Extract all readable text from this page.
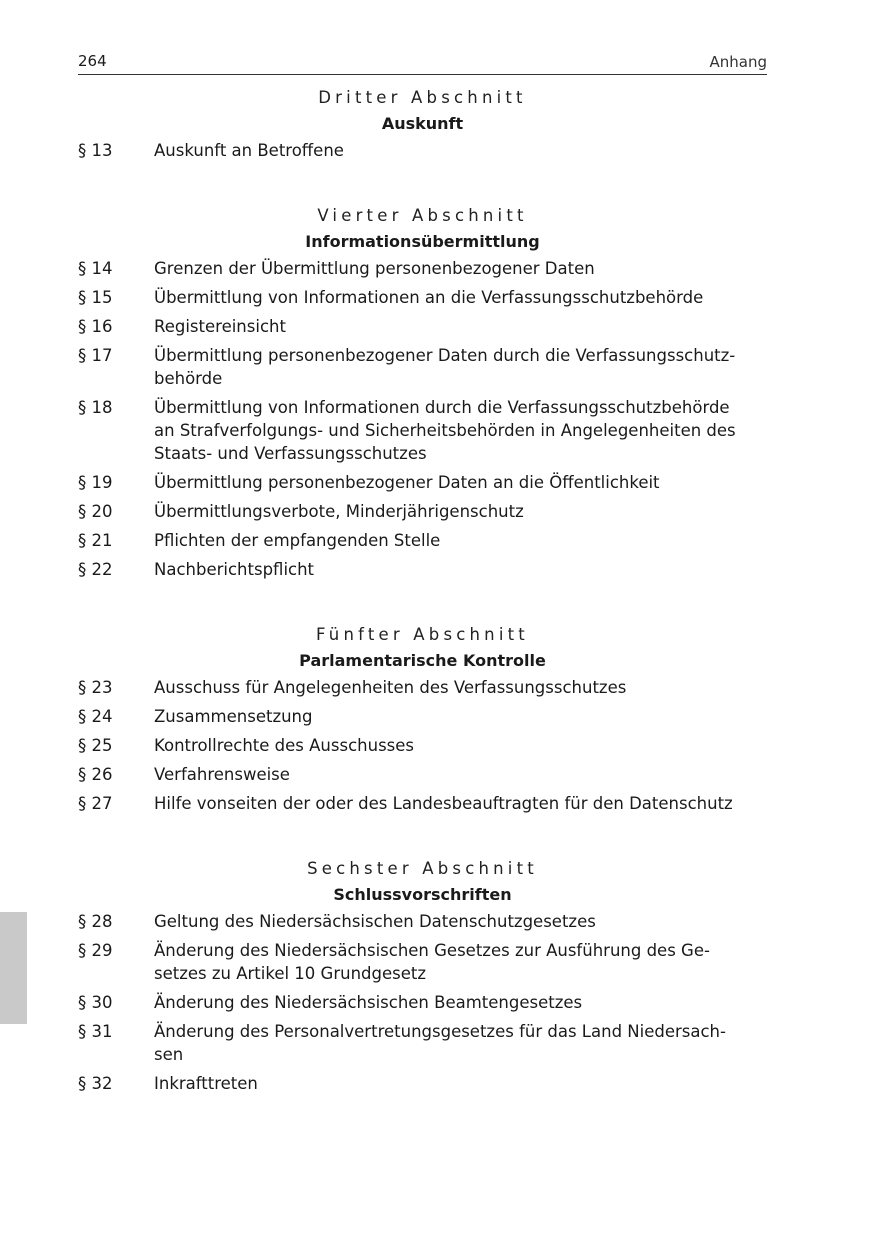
264	Anhang
Dritter Abschnitt
Auskunft
§ 13	Auskunft an Betroffene
Vierter Abschnitt
Informationsübermittlung
§ 14	Grenzen der Übermittlung personenbezogener Daten
§ 15	Übermittlung von Informationen an die Verfassungsschutzbehörde
§ 16	Registereinsicht
§ 17	Übermittlung personenbezogener Daten durch die Verfassungsschutz-
behörde
§ 18	Übermittlung von Informationen durch die Verfassungsschutzbehörde
an Strafverfolgungs- und Sicherheitsbehörden in Angelegenheiten des
Staats- und Verfassungsschutzes
§ 19	Übermittlung personenbezogener Daten an die Öffentlichkeit
§ 20	Übermittlungsverbote, Minderjährigenschutz
§ 21	Pflichten der empfangenden Stelle
§ 22	Nachberichtspflicht
Fünfter Abschnitt
Parlamentarische Kontrolle
§ 23	Ausschuss für Angelegenheiten des Verfassungsschutzes
§ 24	Zusammensetzung
§ 25	Kontrollrechte des Ausschusses
§ 26	Verfahrensweise
§ 27	Hilfe vonseiten der oder des Landesbeauftragten für den Datenschutz
Sechster Abschnitt
Schlussvorschriften
§ 28	Geltung des Niedersächsischen Datenschutzgesetzes
§ 29	Änderung des Niedersächsischen Gesetzes zur Ausführung des Ge-
setzes zu Artikel 10 Grundgesetz
§ 30	Änderung des Niedersächsischen Beamtengesetzes
§ 31	Änderung des Personalvertretungsgesetzes für das Land Niedersach-
sen
§ 32	Inkrafttreten
